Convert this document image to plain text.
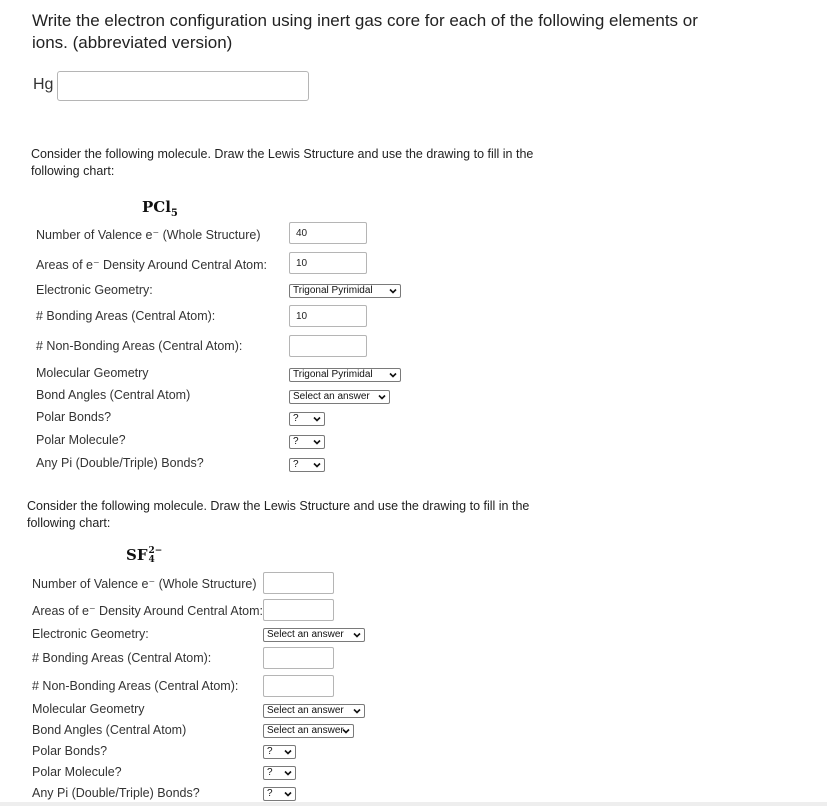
Write the electron configuration using inert gas core for each of the following elements or
ions. (abbreviated version)
Hg
Consider the following molecule. Draw the Lewis Structure and use the drawing to fill in the
following chart:
PCl$_5$
Number of Valence e⁻ (Whole Structure)	40
Areas of e⁻ Density Around Central Atom:	10
Electronic Geometry:	Trigonal Pyrimidal
# Bonding Areas (Central Atom):	10
# Non-Bonding Areas (Central Atom):
Molecular Geometry	Trigonal Pyrimidal
Bond Angles (Central Atom)	Select an answer
Polar Bonds?	?
Polar Molecule?	?
Any Pi (Double/Triple) Bonds?	?
Consider the following molecule. Draw the Lewis Structure and use the drawing to fill in the
following chart:
SF 2−
4
Number of Valence e⁻ (Whole Structure)
Areas of e⁻ Density Around Central Atom:
Electronic Geometry:	Select an answer
# Bonding Areas (Central Atom):
# Non-Bonding Areas (Central Atom):
Molecular Geometry	Select an answer
Bond Angles (Central Atom)	Select an answer
Polar Bonds?	?
Polar Molecule?	?
Any Pi (Double/Triple) Bonds?	?
